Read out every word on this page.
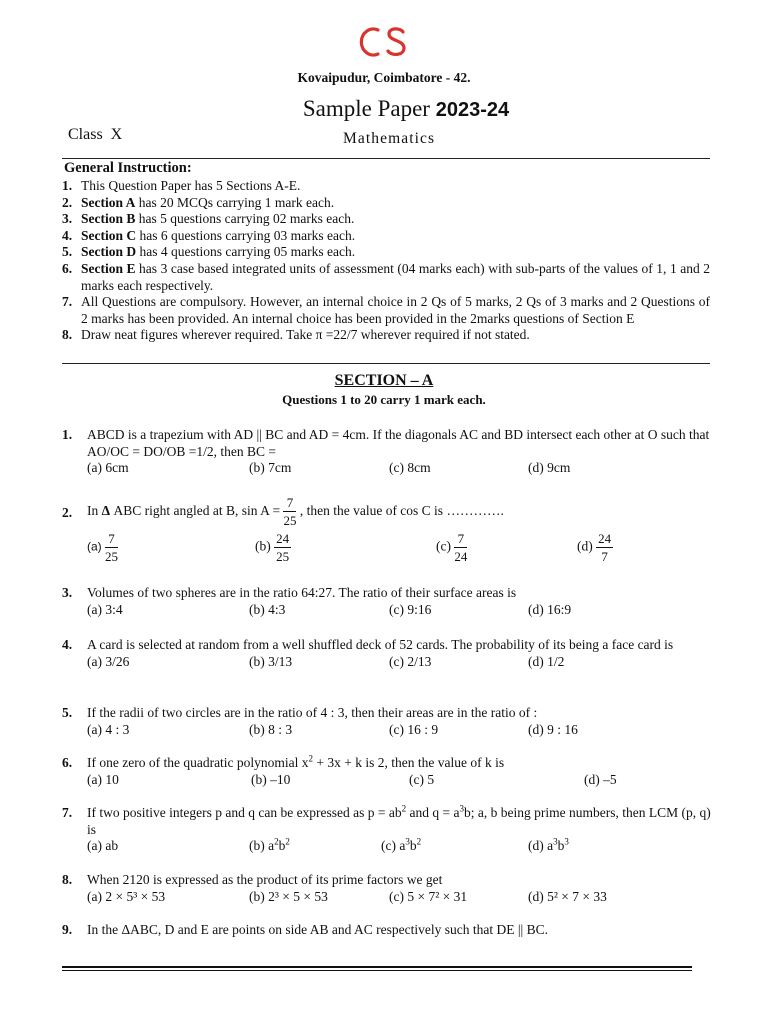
Kovaipudur, Coimbatore - 42.
Sample Paper 2023-24
Class  X	Mathematics
General Instruction:
1. This Question Paper has 5 Sections A-E.
2. Section A has 20 MCQs carrying 1 mark each.
3. Section B has 5 questions carrying 02 marks each.
4. Section C has 6 questions carrying 03 marks each.
5. Section D has 4 questions carrying 05 marks each.
6. Section E has 3 case based integrated units of assessment (04 marks each) with sub-parts of the values of 1, 1 and 2 marks each respectively.
7. All Questions are compulsory. However, an internal choice in 2 Qs of 5 marks, 2 Qs of 3 marks and 2 Questions of 2 marks has been provided. An internal choice has been provided in the 2marks questions of Section E
8. Draw neat figures wherever required. Take π =22/7 wherever required if not stated.
SECTION – A
Questions 1 to 20 carry 1 mark each.
1. ABCD is a trapezium with AD || BC and AD = 4cm. If the diagonals AC and BD intersect each other at O such that AO/OC = DO/OB =1/2, then BC =
(a) 6cm	(b) 7cm	(c) 8cm	(d) 9cm
2. In Δ ABC right angled at B, $\sin A = \frac{7}{25}$ , then the value of cos C is ………….
$(a) \frac{7}{25}$	$(b) \frac{24}{25}$	$(c) \frac{7}{24}$	$(d) \frac{24}{7}$
3. Volumes of two spheres are in the ratio 64:27. The ratio of their surface areas is
(a) 3:4	(b) 4:3	(c) 9:16	(d) 16:9
4. A card is selected at random from a well shuffled deck of 52 cards. The probability of its being a face card is
(a) 3/26	(b) 3/13	(c) 2/13	(d) 1/2
5. If the radii of two circles are in the ratio of 4 : 3, then their areas are in the ratio of :
(a) 4 : 3	(b) 8 : 3	(c) 16 : 9	(d) 9 : 16
6. If one zero of the quadratic polynomial $x^2 + 3x + k$ is 2, then the value of k is
(a) 10	(b) –10	(c) 5	(d) –5
7. If two positive integers p and q can be expressed as $p = ab^2$ and $q = a^3b$; a, b being prime numbers, then LCM (p, q) is
(a) ab	(b) $a^2b^2$	(c) $a^3b^2$	(d) $a^3b^3$
8. When 2120 is expressed as the product of its prime factors we get
(a) 2 × 5³ × 53	(b) 2³ × 5 × 53	(c) 5 × 7² × 31	(d) 5² × 7 × 33
9. In the ΔABC, D and E are points on side AB and AC respectively such that DE || BC.
